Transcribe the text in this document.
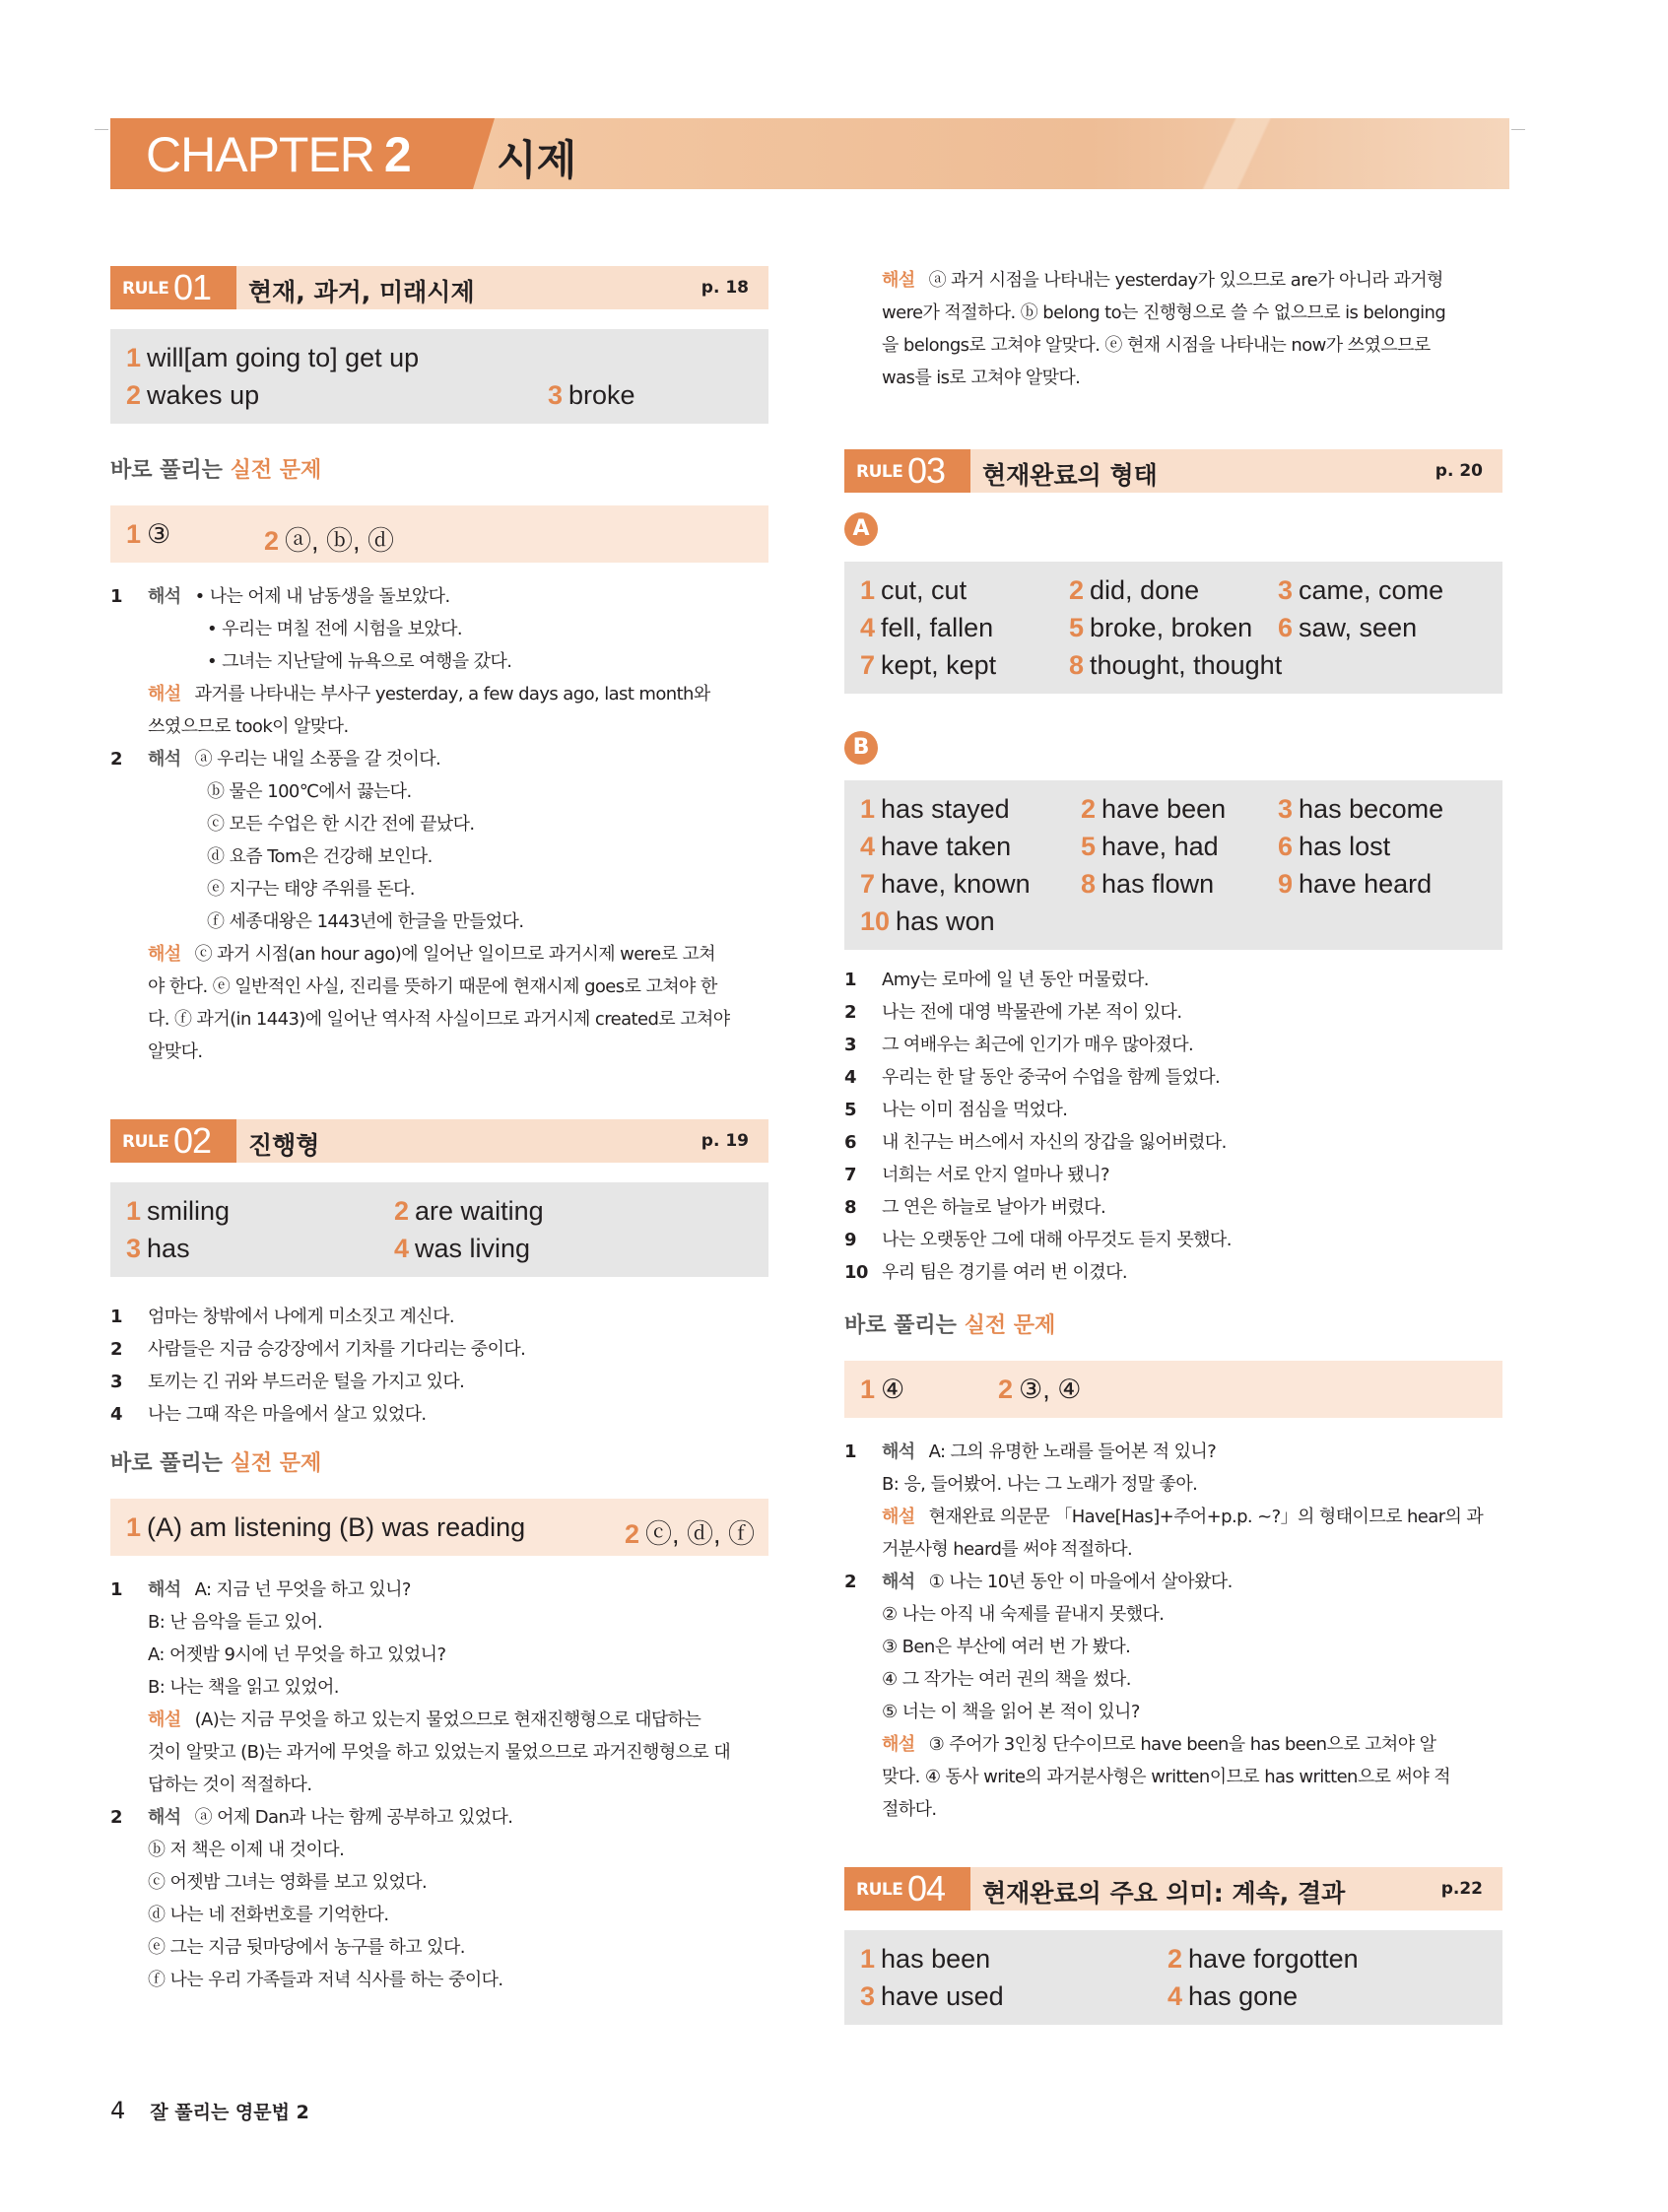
CHAPTER 2 시제
RULE 01 현재, 과거, 미래시제	p. 18
1 will[am going to] get up
2 wakes up	3 broke
바로 풀리는 실전 문제
1 ③	2 ⓐ, ⓑ, ⓓ
1 해석 • 나는 어제 내 남동생을 돌보았다.
• 우리는 며칠 전에 시험을 보았다.
• 그녀는 지난달에 뉴욕으로 여행을 갔다.
해설 과거를 나타내는 부사구 yesterday, a few days ago, last month와
쓰였으므로 took이 알맞다.
2 해석 ⓐ 우리는 내일 소풍을 갈 것이다.
ⓑ 물은 100℃에서 끓는다.
ⓒ 모든 수업은 한 시간 전에 끝났다.
ⓓ 요즘 Tom은 건강해 보인다.
ⓔ 지구는 태양 주위를 돈다.
ⓕ 세종대왕은 1443년에 한글을 만들었다.
해설 ⓒ 과거 시점(an hour ago)에 일어난 일이므로 과거시제 were로 고쳐
야 한다. ⓔ 일반적인 사실, 진리를 뜻하기 때문에 현재시제 goes로 고쳐야 한
다. ⓕ 과거(in 1443)에 일어난 역사적 사실이므로 과거시제 created로 고쳐야
알맞다.
RULE 02 진행형	p. 19
1 smiling	2 are waiting
3 has	4 was living
1 엄마는 창밖에서 나에게 미소짓고 계신다.
2 사람들은 지금 승강장에서 기차를 기다리는 중이다.
3 토끼는 긴 귀와 부드러운 털을 가지고 있다.
4 나는 그때 작은 마을에서 살고 있었다.
바로 풀리는 실전 문제
1 (A) am listening (B) was reading	2 ⓒ, ⓓ, ⓕ
1 해석 A: 지금 넌 무엇을 하고 있니?
B: 난 음악을 듣고 있어.
A: 어젯밤 9시에 넌 무엇을 하고 있었니?
B: 나는 책을 읽고 있었어.
해설 (A)는 지금 무엇을 하고 있는지 물었으므로 현재진행형으로 대답하는
것이 알맞고 (B)는 과거에 무엇을 하고 있었는지 물었으므로 과거진행형으로 대
답하는 것이 적절하다.
2 해석 ⓐ 어제 Dan과 나는 함께 공부하고 있었다.
ⓑ 저 책은 이제 내 것이다.
ⓒ 어젯밤 그녀는 영화를 보고 있었다.
ⓓ 나는 네 전화번호를 기억한다.
ⓔ 그는 지금 뒷마당에서 농구를 하고 있다.
ⓕ 나는 우리 가족들과 저녁 식사를 하는 중이다.
해설 ⓐ 과거 시점을 나타내는 yesterday가 있으므로 are가 아니라 과거형
were가 적절하다. ⓑ belong to는 진행형으로 쓸 수 없으므로 is belonging
을 belongs로 고쳐야 알맞다. ⓔ 현재 시점을 나타내는 now가 쓰였으므로
was를 is로 고쳐야 알맞다.
RULE 03 현재완료의 형태	p. 20
A
1 cut, cut	2 did, done	3 came, come
4 fell, fallen	5 broke, broken 6 saw, seen
7 kept, kept	8 thought, thought
B
1 has stayed	2 have been 3 has become
4 have taken	5 have, had 6 has lost
7 have, known 8 has flown 9 have heard
10 has won
1 Amy는 로마에 일 년 동안 머물렀다.
2 나는 전에 대영 박물관에 가본 적이 있다.
3 그 여배우는 최근에 인기가 매우 많아졌다.
4 우리는 한 달 동안 중국어 수업을 함께 들었다.
5 나는 이미 점심을 먹었다.
6 내 친구는 버스에서 자신의 장갑을 잃어버렸다.
7 너희는 서로 안지 얼마나 됐니?
8 그 연은 하늘로 날아가 버렸다.
9 나는 오랫동안 그에 대해 아무것도 듣지 못했다.
10 우리 팀은 경기를 여러 번 이겼다.
바로 풀리는 실전 문제
1 ④	2 ③, ④
1 해석 A: 그의 유명한 노래를 들어본 적 있니?
B: 응, 들어봤어. 나는 그 노래가 정말 좋아.
해설 현재완료 의문문 「Have[Has]+주어+p.p. ~?」의 형태이므로 hear의 과
거분사형 heard를 써야 적절하다.
2 해석 ① 나는 10년 동안 이 마을에서 살아왔다.
② 나는 아직 내 숙제를 끝내지 못했다.
③ Ben은 부산에 여러 번 가 봤다.
④ 그 작가는 여러 권의 책을 썼다.
⑤ 너는 이 책을 읽어 본 적이 있니?
해설 ③ 주어가 3인칭 단수이므로 have been을 has been으로 고쳐야 알
맞다. ④ 동사 write의 과거분사형은 written이므로 has written으로 써야 적
절하다.
RULE 04 현재완료의 주요 의미: 계속, 결과	p.22
1 has been	2 have forgotten
3 have used	4 has gone
4 잘 풀리는 영문법 2
